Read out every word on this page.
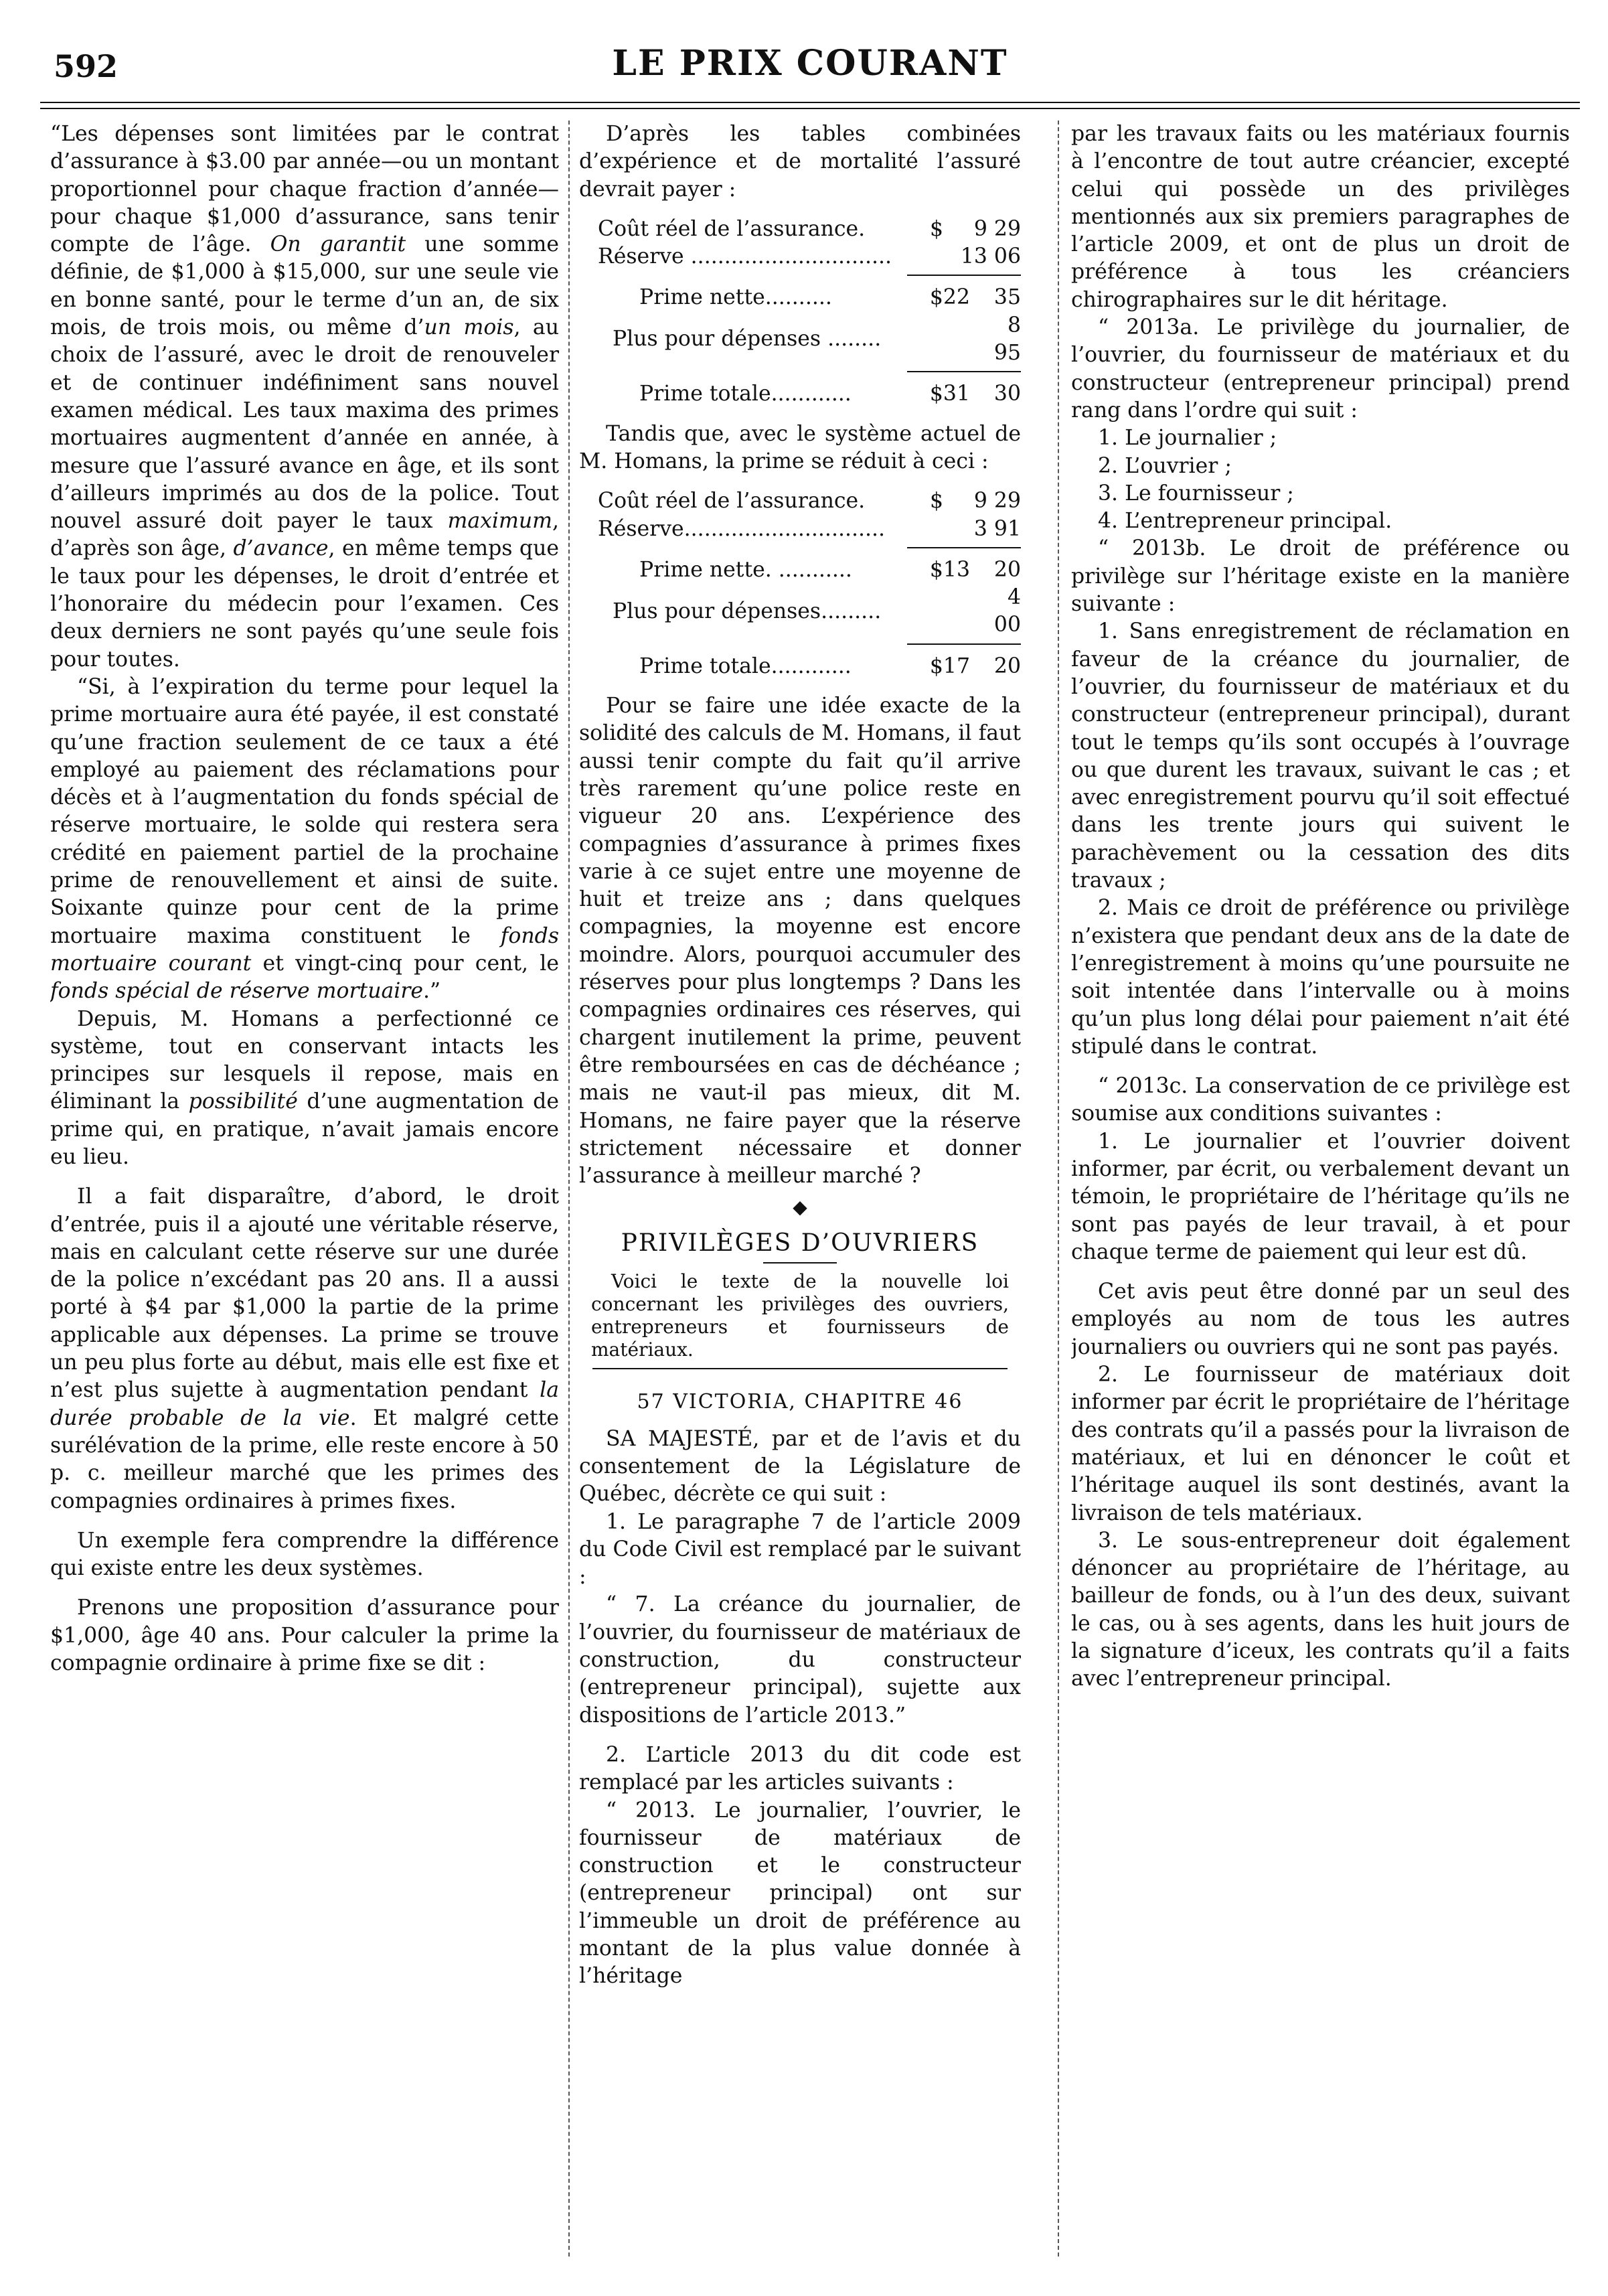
592	LE PRIX COURANT

“Les dépenses sont limitées par le contrat d’assurance à $3.00 par année—ou un montant proportionnel pour chaque fraction d’année—pour chaque $1,000 d’assurance, sans tenir compte de l’âge. On garantit une somme définie, de $1,000 à $15,000, sur une seule vie en bonne santé, pour le terme d’un an, de six mois, de trois mois, ou même d’un mois, au choix de l’assuré, avec le droit de renouveler et de continuer indéfiniment sans nouvel examen médical. Les taux maxima des primes mortuaires augmentent d’année en année, à mesure que l’assuré avance en âge, et ils sont d’ailleurs imprimés au dos de la police. Tout nouvel assuré doit payer le taux maximum, d’après son âge, d’avance, en même temps que le taux pour les dépenses, le droit d’entrée et l’honoraire du médecin pour l’examen. Ces deux derniers ne sont payés qu’une seule fois pour toutes.

“Si, à l’expiration du terme pour lequel la prime mortuaire aura été payée, il est constaté qu’une fraction seulement de ce taux a été employé au paiement des réclamations pour décès et à l’augmentation du fonds spécial de réserve mortuaire, le solde qui restera sera crédité en paiement partiel de la prochaine prime de renouvellement et ainsi de suite. Soixante quinze pour cent de la prime mortuaire maxima constituent le fonds mortuaire courant et vingt-cinq pour cent, le fonds spécial de réserve mortuaire.”

Depuis, M. Homans a perfectionné ce système, tout en conservant intacts les principes sur lesquels il repose, mais en éliminant la possibilité d’une augmentation de prime qui, en pratique, n’avait jamais encore eu lieu.

Il a fait disparaître, d’abord, le droit d’entrée, puis il a ajouté une véritable réserve, mais en calculant cette réserve sur une durée de la police n’excédant pas 20 ans. Il a aussi porté à $4 par $1,000 la partie de la prime applicable aux dépenses. La prime se trouve un peu plus forte au début, mais elle est fixe et n’est plus sujette à augmentation pendant la durée probable de la vie. Et malgré cette surélévation de la prime, elle reste encore à 50 p. c. meilleur marché que les primes des compagnies ordinaires à primes fixes.

Un exemple fera comprendre la différence qui existe entre les deux systèmes.

Prenons une proposition d’assurance pour $1,000, âge 40 ans. Pour calculer la prime la compagnie ordinaire à prime fixe se dit :

D’après les tables combinées d’expérience et de mortalité l’assuré devrait payer :

Coût réel de l’assurance.	$	9 29
Réserve ..............................		13 06
Prime nette..........	$22	35
Plus pour dépenses ........		8 95
Prime totale............	$31	30

Tandis que, avec le système actuel de M. Homans, la prime se réduit à ceci :

Coût réel de l’assurance.	$	9 29
Réserve..............................		3 91
Prime nette. ...........	$13	20
Plus pour dépenses.........		4 00
Prime totale............	$17	20

Pour se faire une idée exacte de la solidité des calculs de M. Homans, il faut aussi tenir compte du fait qu’il arrive très rarement qu’une police reste en vigueur 20 ans. L’expérience des compagnies d’assurance à primes fixes varie à ce sujet entre une moyenne de huit et treize ans ; dans quelques compagnies, la moyenne est encore moindre. Alors, pourquoi accumuler des réserves pour plus longtemps ? Dans les compagnies ordinaires ces réserves, qui chargent inutilement la prime, peuvent être remboursées en cas de déchéance ; mais ne vaut-il pas mieux, dit M. Homans, ne faire payer que la réserve strictement nécessaire et donner l’assurance à meilleur marché ?

◆
PRIVILÈGES D’OUVRIERS

Voici le texte de la nouvelle loi concernant les privilèges des ouvriers, entrepreneurs et fournisseurs de matériaux.

57 VICTORIA, CHAPITRE 46

SA MAJESTÉ, par et de l’avis et du consentement de la Législature de Québec, décrète ce qui suit :

1. Le paragraphe 7 de l’article 2009 du Code Civil est remplacé par le suivant :

“ 7. La créance du journalier, de l’ouvrier, du fournisseur de matériaux de construction, du constructeur (entrepreneur principal), sujette aux dispositions de l’article 2013.”

2. L’article 2013 du dit code est remplacé par les articles suivants :

“ 2013. Le journalier, l’ouvrier, le fournisseur de matériaux de construction et le constructeur (entrepreneur principal) ont sur l’immeuble un droit de préférence au montant de la plus value donnée à l’héritage

par les travaux faits ou les matériaux fournis à l’encontre de tout autre créancier, excepté celui qui possède un des privilèges mentionnés aux six premiers paragraphes de l’article 2009, et ont de plus un droit de préférence à tous les créanciers chirographaires sur le dit héritage.

“ 2013a. Le privilège du journalier, de l’ouvrier, du fournisseur de matériaux et du constructeur (entrepreneur principal) prend rang dans l’ordre qui suit :

1. Le journalier ;

2. L’ouvrier ;

3. Le fournisseur ;

4. L’entrepreneur principal.

“ 2013b. Le droit de préférence ou privilège sur l’héritage existe en la manière suivante :

1. Sans enregistrement de réclamation en faveur de la créance du journalier, de l’ouvrier, du fournisseur de matériaux et du constructeur (entrepreneur principal), durant tout le temps qu’ils sont occupés à l’ouvrage ou que durent les travaux, suivant le cas ; et avec enregistrement pourvu qu’il soit effectué dans les trente jours qui suivent le parachèvement ou la cessation des dits travaux ;

2. Mais ce droit de préférence ou privilège n’existera que pendant deux ans de la date de l’enregistrement à moins qu’une poursuite ne soit intentée dans l’intervalle ou à moins qu’un plus long délai pour paiement n’ait été stipulé dans le contrat.

“ 2013c. La conservation de ce privilège est soumise aux conditions suivantes :

1. Le journalier et l’ouvrier doivent informer, par écrit, ou verbalement devant un témoin, le propriétaire de l’héritage qu’ils ne sont pas payés de leur travail, à et pour chaque terme de paiement qui leur est dû.

Cet avis peut être donné par un seul des employés au nom de tous les autres journaliers ou ouvriers qui ne sont pas payés.

2. Le fournisseur de matériaux doit informer par écrit le propriétaire de l’héritage des contrats qu’il a passés pour la livraison de matériaux, et lui en dénoncer le coût et l’héritage auquel ils sont destinés, avant la livraison de tels matériaux.

3. Le sous-entrepreneur doit également dénoncer au propriétaire de l’héritage, au bailleur de fonds, ou à l’un des deux, suivant le cas, ou à ses agents, dans les huit jours de la signature d’iceux, les contrats qu’il a faits avec l’entrepreneur principal.
